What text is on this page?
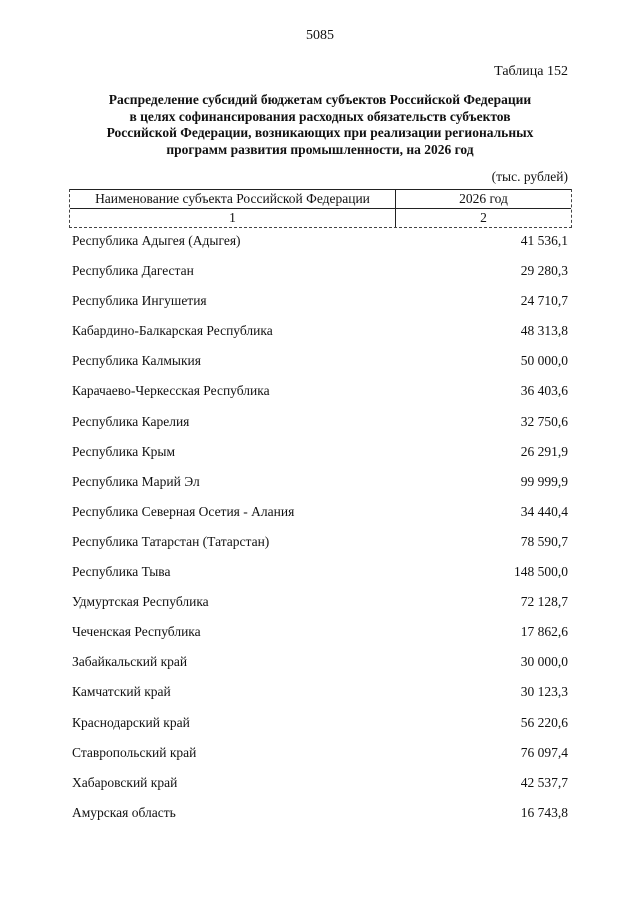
5085
Таблица 152
Распределение субсидий бюджетам субъектов Российской Федерации
в целях софинансирования расходных обязательств субъектов
Российской Федерации, возникающих при реализации региональных
программ развития промышленности, на 2026 год
(тыс. рублей)
Наименование субъекта Российской Федерации	2026 год
1	2
Республика Адыгея (Адыгея)	41 536,1
Республика Дагестан	29 280,3
Республика Ингушетия	24 710,7
Кабардино-Балкарская Республика	48 313,8
Республика Калмыкия	50 000,0
Карачаево-Черкесская Республика	36 403,6
Республика Карелия	32 750,6
Республика Крым	26 291,9
Республика Марий Эл	99 999,9
Республика Северная Осетия - Алания	34 440,4
Республика Татарстан (Татарстан)	78 590,7
Республика Тыва	148 500,0
Удмуртская Республика	72 128,7
Чеченская Республика	17 862,6
Забайкальский край	30 000,0
Камчатский край	30 123,3
Краснодарский край	56 220,6
Ставропольский край	76 097,4
Хабаровский край	42 537,7
Амурская область	16 743,8
